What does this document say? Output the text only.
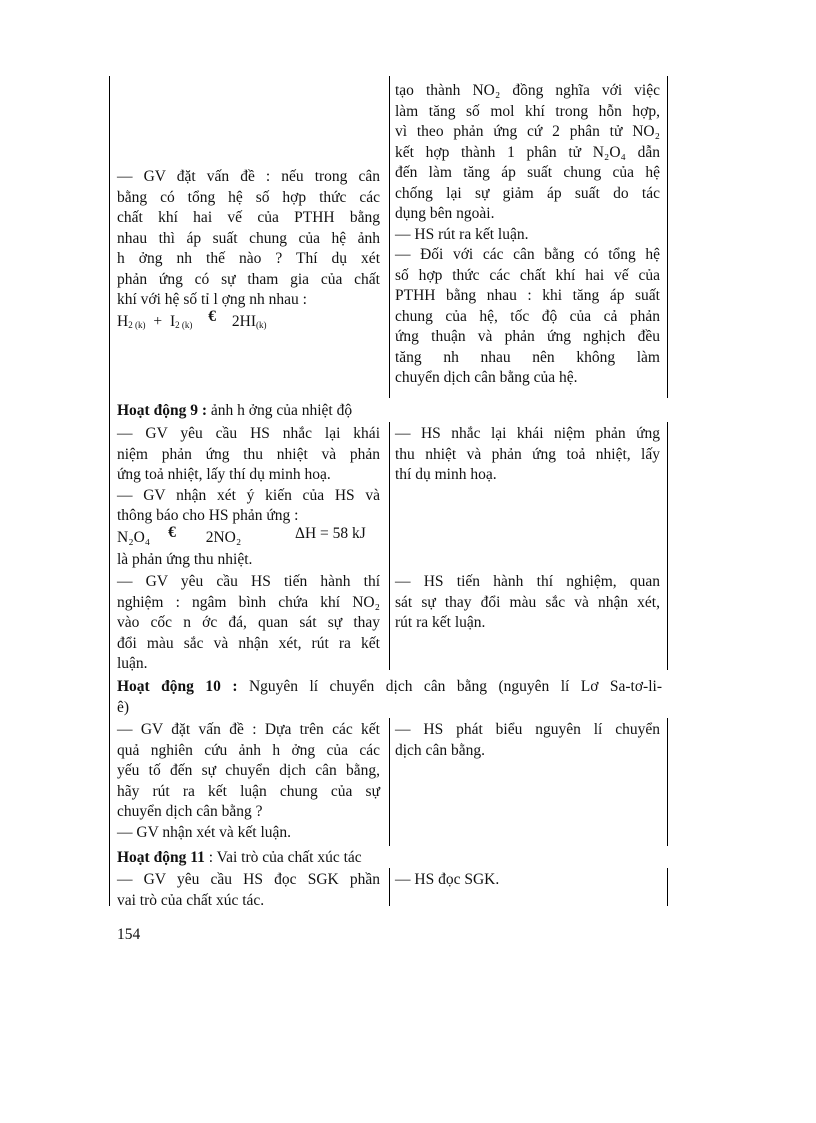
— GV đặt vấn đề : nếu trong cân
bằng có tổng hệ số hợp thức các
chất khí hai vế của PTHH bằng
nhau thì áp suất chung của hệ ảnh
h ởng nh thế nào ? Thí dụ xét
phản ứng có sự tham gia của chất
khí với hệ số tỉ l ợng nh nhau :
$H_{2 (k)} + I_{2 (k)}$ € $2HI_{(k)}$
tạo thành NO₂ đồng nghĩa với việc
làm tăng số mol khí trong hỗn hợp,
vì theo phản ứng cứ 2 phân tử NO₂
kết hợp thành 1 phân tử N₂O₄ dẫn
đến làm tăng áp suất chung của hệ
chống lại sự giảm áp suất do tác
dụng bên ngoài.
— HS rút ra kết luận.
— Đối với các cân bằng có tổng hệ
số hợp thức các chất khí hai vế của
PTHH bằng nhau : khi tăng áp suất
chung của hệ, tốc độ của cả phản
ứng thuận và phản ứng nghịch đều
tăng nh nhau nên không làm
chuyển dịch cân bằng của hệ.
Hoạt động 9 : ảnh h ởng của nhiệt độ
— GV yêu cầu HS nhắc lại khái
niệm phản ứng thu nhiệt và phản
ứng toả nhiệt, lấy thí dụ minh hoạ.
— GV nhận xét ý kiến của HS và
thông báo cho HS phản ứng :
N₂O₄ € 2NO₂	ΔH = 58 kJ
là phản ứng thu nhiệt.
— HS nhắc lại khái niệm phản ứng
thu nhiệt và phản ứng toả nhiệt, lấy
thí dụ minh hoạ.
— GV yêu cầu HS tiến hành thí
nghiệm : ngâm bình chứa khí NO₂
vào cốc n ớc đá, quan sát sự thay
đổi màu sắc và nhận xét, rút ra kết
luận.
— HS tiến hành thí nghiệm, quan
sát sự thay đổi màu sắc và nhận xét,
rút ra kết luận.
Hoạt động 10 : Nguyên lí chuyển dịch cân bằng (nguyên lí Lơ Sa-tơ-li-
ê)
— GV đặt vấn đề : Dựa trên các kết
quả nghiên cứu ảnh h ởng của các
yếu tố đến sự chuyển dịch cân bằng,
hãy rút ra kết luận chung của sự
chuyển dịch cân bằng ?
— GV nhận xét và kết luận.
— HS phát biểu nguyên lí chuyển
dịch cân bằng.
Hoạt động 11 : Vai trò của chất xúc tác
— GV yêu cầu HS đọc SGK phần
vai trò của chất xúc tác.
— HS đọc SGK.
154
